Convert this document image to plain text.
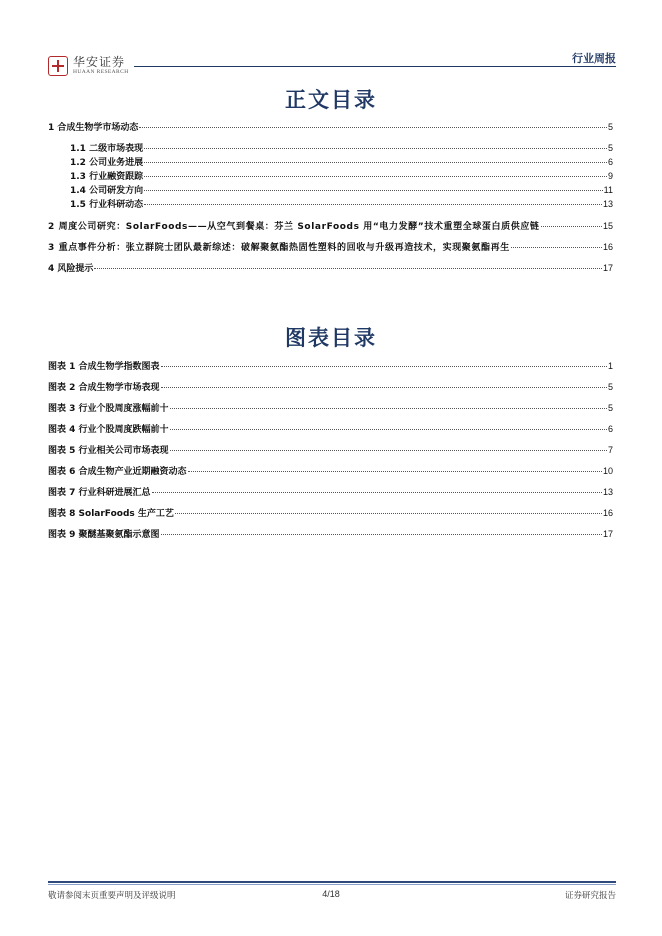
华安证券
HUAAN RESEARCH
行业周报
正文目录
1 合成生物学市场动态	5
1.1 二级市场表现	5
1.2 公司业务进展	6
1.3 行业融资跟踪	9
1.4 公司研发方向	11
1.5 行业科研动态	13
2 周度公司研究：SolarFoods——从空气到餐桌：芬兰 SolarFoods 用“电力发酵”技术重塑全球蛋白质供应链	15
3 重点事件分析：张立群院士团队最新综述：破解聚氨酯热固性塑料的回收与升级再造技术，实现聚氨酯再生	16
4 风险提示	17
图表目录
图表 1 合成生物学指数图表	1
图表 2 合成生物学市场表现	5
图表 3 行业个股周度涨幅前十	5
图表 4 行业个股周度跌幅前十	6
图表 5 行业相关公司市场表现	7
图表 6 合成生物产业近期融资动态	10
图表 7 行业科研进展汇总	13
图表 8 SolarFoods 生产工艺	16
图表 9 聚醚基聚氨酯示意图	17
敬请参阅末页重要声明及评级说明	4/18	证券研究报告
